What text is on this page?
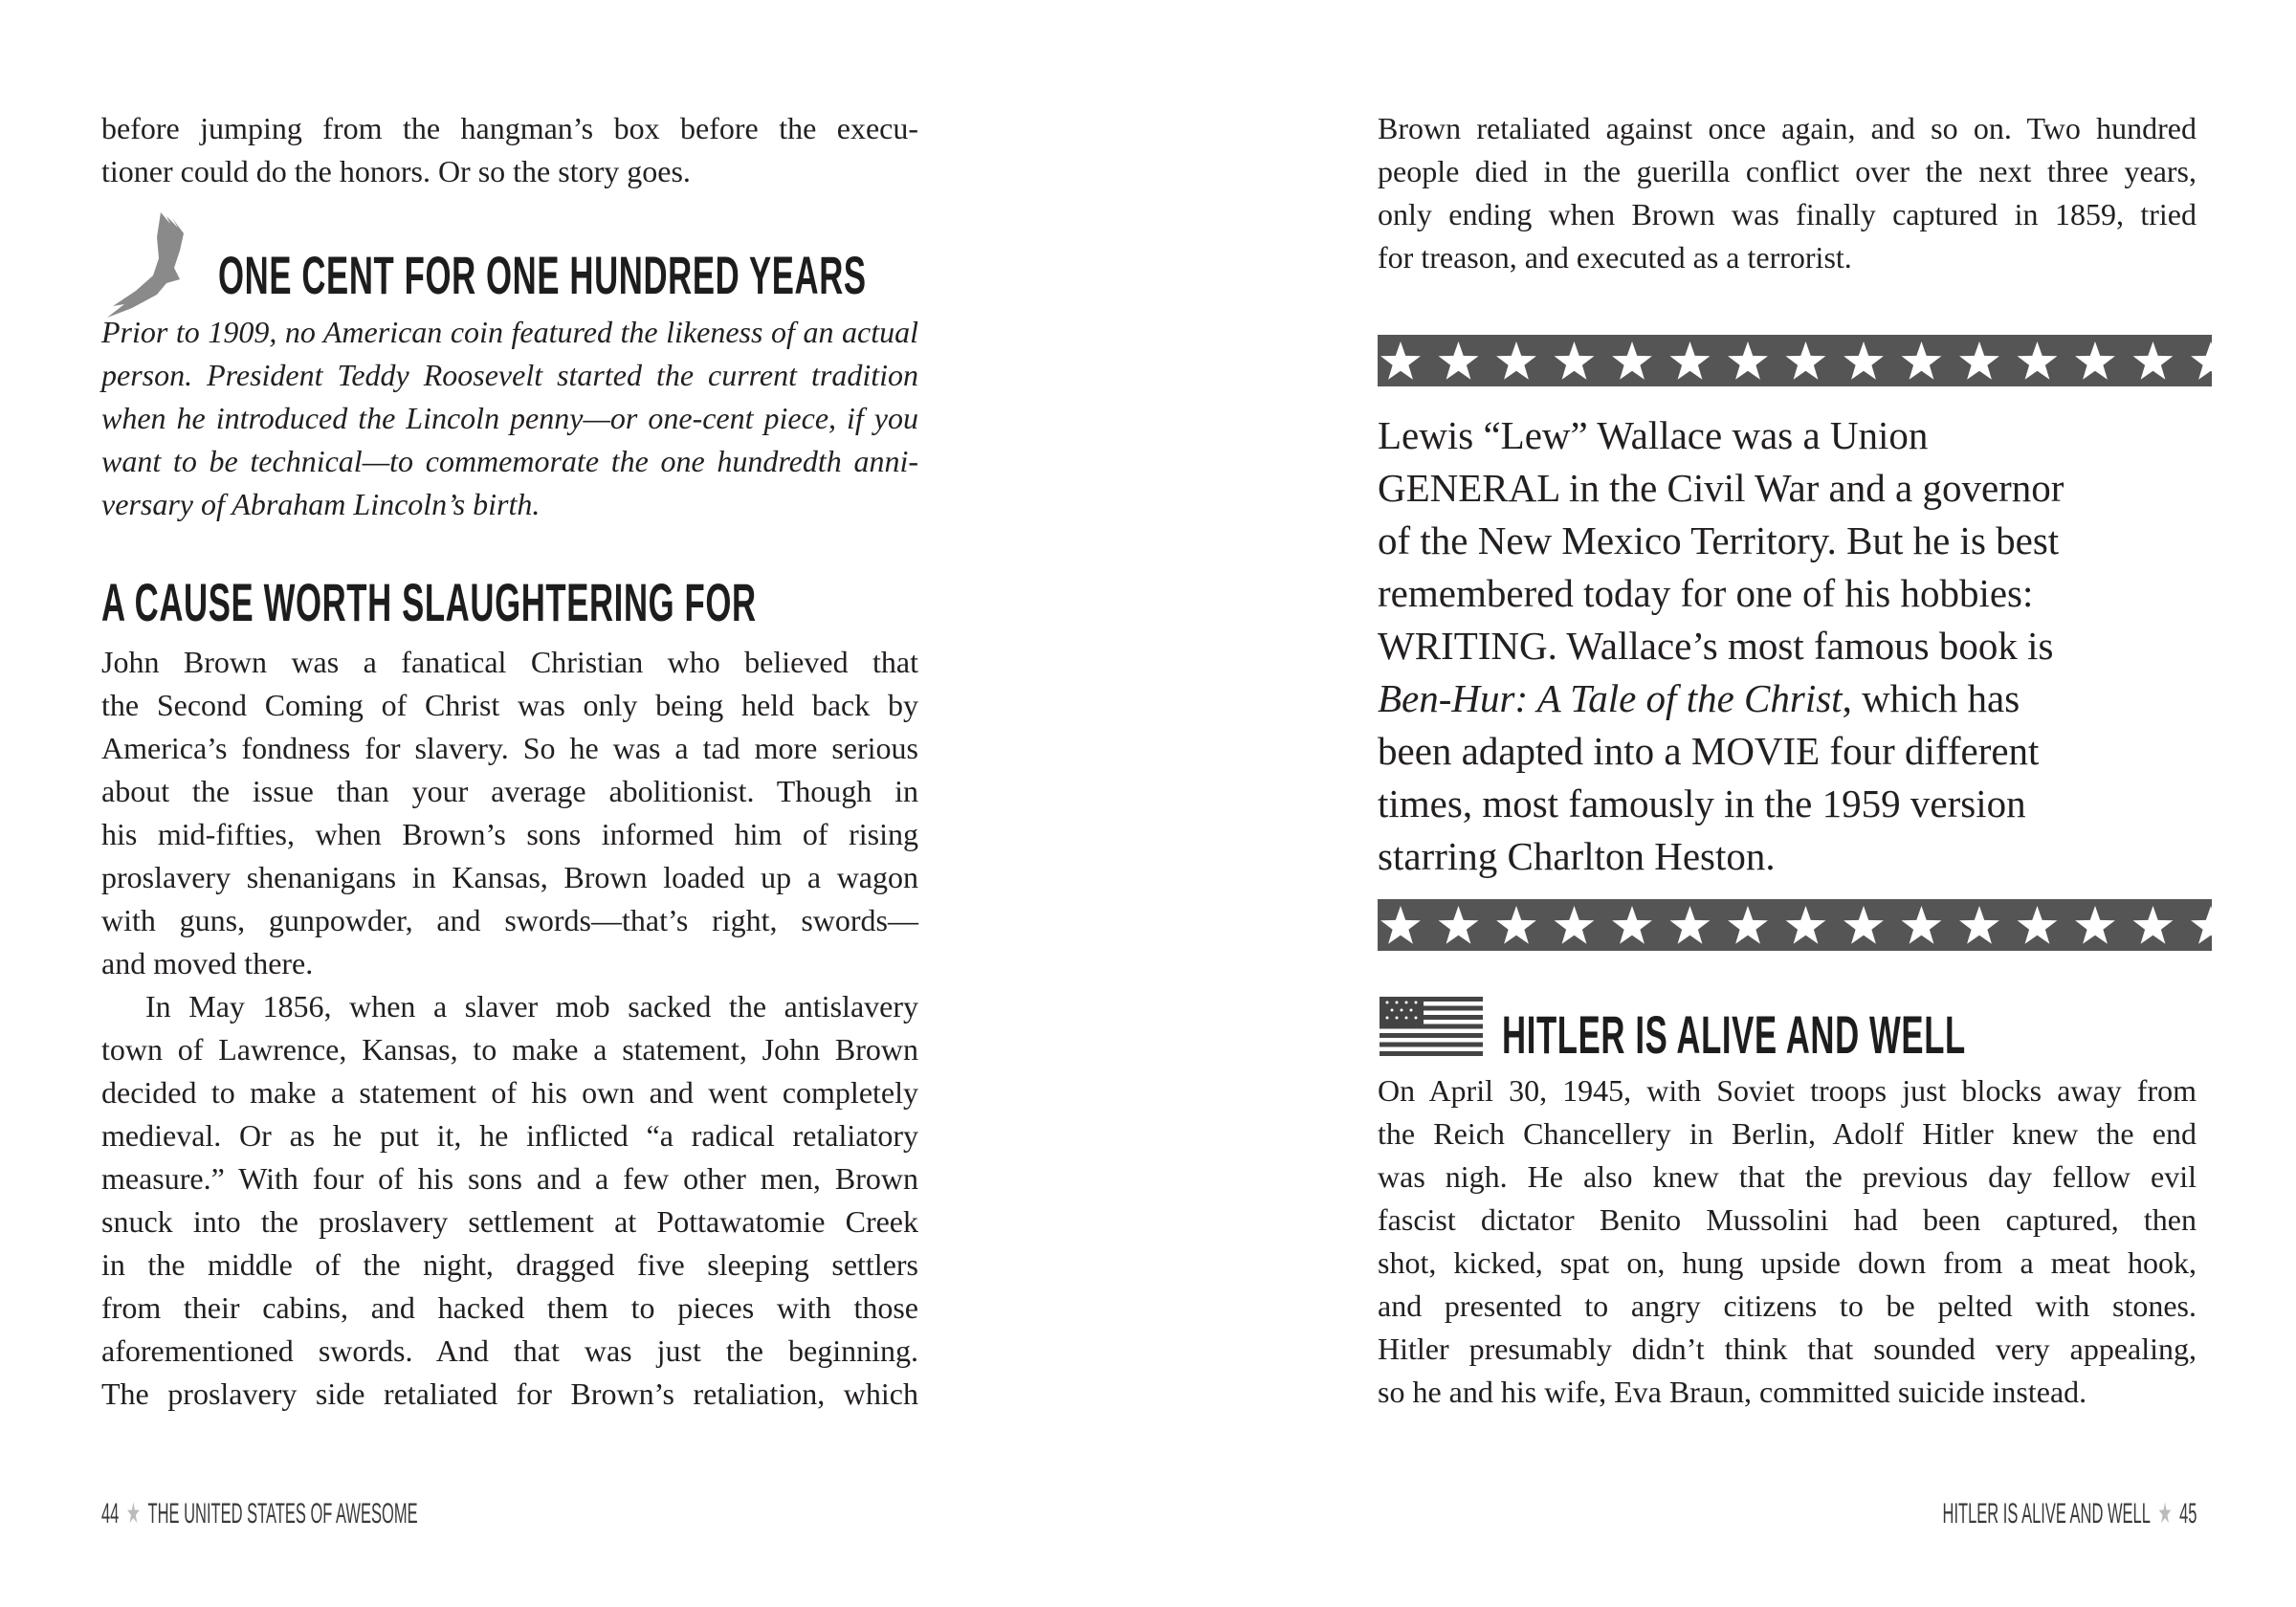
before jumping from the hangman’s box before the execu-
tioner could do the honors. Or so the story goes.
ONE CENT FOR ONE HUNDRED YEARS
Prior to 1909, no American coin featured the likeness of an actual
person. President Teddy Roosevelt started the current tradition
when he introduced the Lincoln penny—or one-cent piece, if you
want to be technical—to commemorate the one hundredth anni-
versary of Abraham Lincoln’s birth.
A CAUSE WORTH SLAUGHTERING FOR
John Brown was a fanatical Christian who believed that
the Second Coming of Christ was only being held back by
America’s fondness for slavery. So he was a tad more serious
about the issue than your average abolitionist. Though in
his mid-fifties, when Brown’s sons informed him of rising
proslavery shenanigans in Kansas, Brown loaded up a wagon
with guns, gunpowder, and swords—that’s right, swords—
and moved there.
In May 1856, when a slaver mob sacked the antislavery
town of Lawrence, Kansas, to make a statement, John Brown
decided to make a statement of his own and went completely
medieval. Or as he put it, he inflicted “a radical retaliatory
measure.” With four of his sons and a few other men, Brown
snuck into the proslavery settlement at Pottawatomie Creek
in the middle of the night, dragged five sleeping settlers
from their cabins, and hacked them to pieces with those
aforementioned swords. And that was just the beginning.
The proslavery side retaliated for Brown’s retaliation, which
44 ★ THE UNITED STATES OF AWESOME
Brown retaliated against once again, and so on. Two hundred
people died in the guerilla conflict over the next three years,
only ending when Brown was finally captured in 1859, tried
for treason, and executed as a terrorist.
Lewis “Lew” Wallace was a Union
GENERAL in the Civil War and a governor
of the New Mexico Territory. But he is best
remembered today for one of his hobbies:
WRITING. Wallace’s most famous book is
Ben-Hur: A Tale of the Christ, which has
been adapted into a MOVIE four different
times, most famously in the 1959 version
starring Charlton Heston.
HITLER IS ALIVE AND WELL
On April 30, 1945, with Soviet troops just blocks away from
the Reich Chancellery in Berlin, Adolf Hitler knew the end
was nigh. He also knew that the previous day fellow evil
fascist dictator Benito Mussolini had been captured, then
shot, kicked, spat on, hung upside down from a meat hook,
and presented to angry citizens to be pelted with stones.
Hitler presumably didn’t think that sounded very appealing,
so he and his wife, Eva Braun, committed suicide instead.
HITLER IS ALIVE AND WELL ★ 45
